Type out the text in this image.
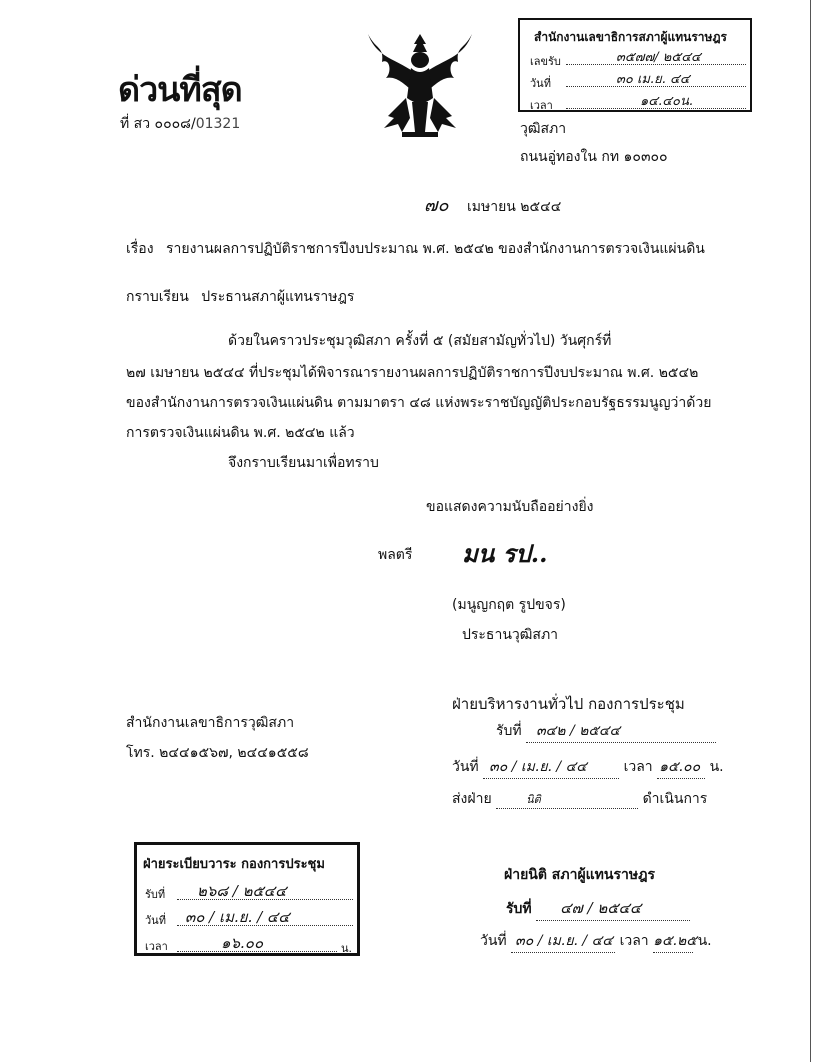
ด่วนที่สุด
ที่ สว ๐๐๐๘/01321
สำนักงานเลขาธิการสภาผู้แทนราษฎร
เลขรับ	๓๕๗๗/ ๒๕๔๔
วันที่	๓๐ เม.ย. ๔๔
เวลา	๑๔.๔๐น.
วุฒิสภา
ถนนอู่ทองใน กท ๑๐๓๐๐
๗๐ เมษายน ๒๕๔๔
เรื่อง รายงานผลการปฏิบัติราชการปีงบประมาณ พ.ศ. ๒๕๔๒ ของสำนักงานการตรวจเงินแผ่นดิน
กราบเรียน ประธานสภาผู้แทนราษฎร
ด้วยในคราวประชุมวุฒิสภา ครั้งที่ ๕ (สมัยสามัญทั่วไป) วันศุกร์ที่
๒๗ เมษายน ๒๕๔๔ ที่ประชุมได้พิจารณารายงานผลการปฏิบัติราชการปีงบประมาณ พ.ศ. ๒๕๔๒
ของสำนักงานการตรวจเงินแผ่นดิน ตามมาตรา ๔๘ แห่งพระราชบัญญัติประกอบรัฐธรรมนูญว่าด้วย
การตรวจเงินแผ่นดิน พ.ศ. ๒๕๔๒ แล้ว
จึงกราบเรียนมาเพื่อทราบ
ขอแสดงความนับถืออย่างยิ่ง
พลตรี มน รป..
(มนูญกฤต รูปขจร)
ประธานวุฒิสภา
สำนักงานเลขาธิการวุฒิสภา
โทร. ๒๔๔๑๕๖๗, ๒๔๔๑๕๕๘
ฝ่ายบริหารงานทั่วไป กองการประชุม
รับที่ ๓๔๒ / ๒๕๔๔
วันที่ ๓๐ / เม.ย. / ๔๔	เวลา ๑๕.๐๐ น.
ส่งฝ่าย	นิติ	ดำเนินการ
ฝ่ายระเบียบวาระ กองการประชุม
รับที่ ๒๖๘ / ๒๕๔๔
วันที่ ๓๐ / เม.ย. / ๔๔
เวลา	๑๖.๐๐	น.
ฝ่ายนิติ สภาผู้แทนราษฎร
รับที่ ๔๗ / ๒๕๔๔
วันที่ ๓๐ / เม.ย. / ๔๔ เวลา ๑๕.๒๕ น.
